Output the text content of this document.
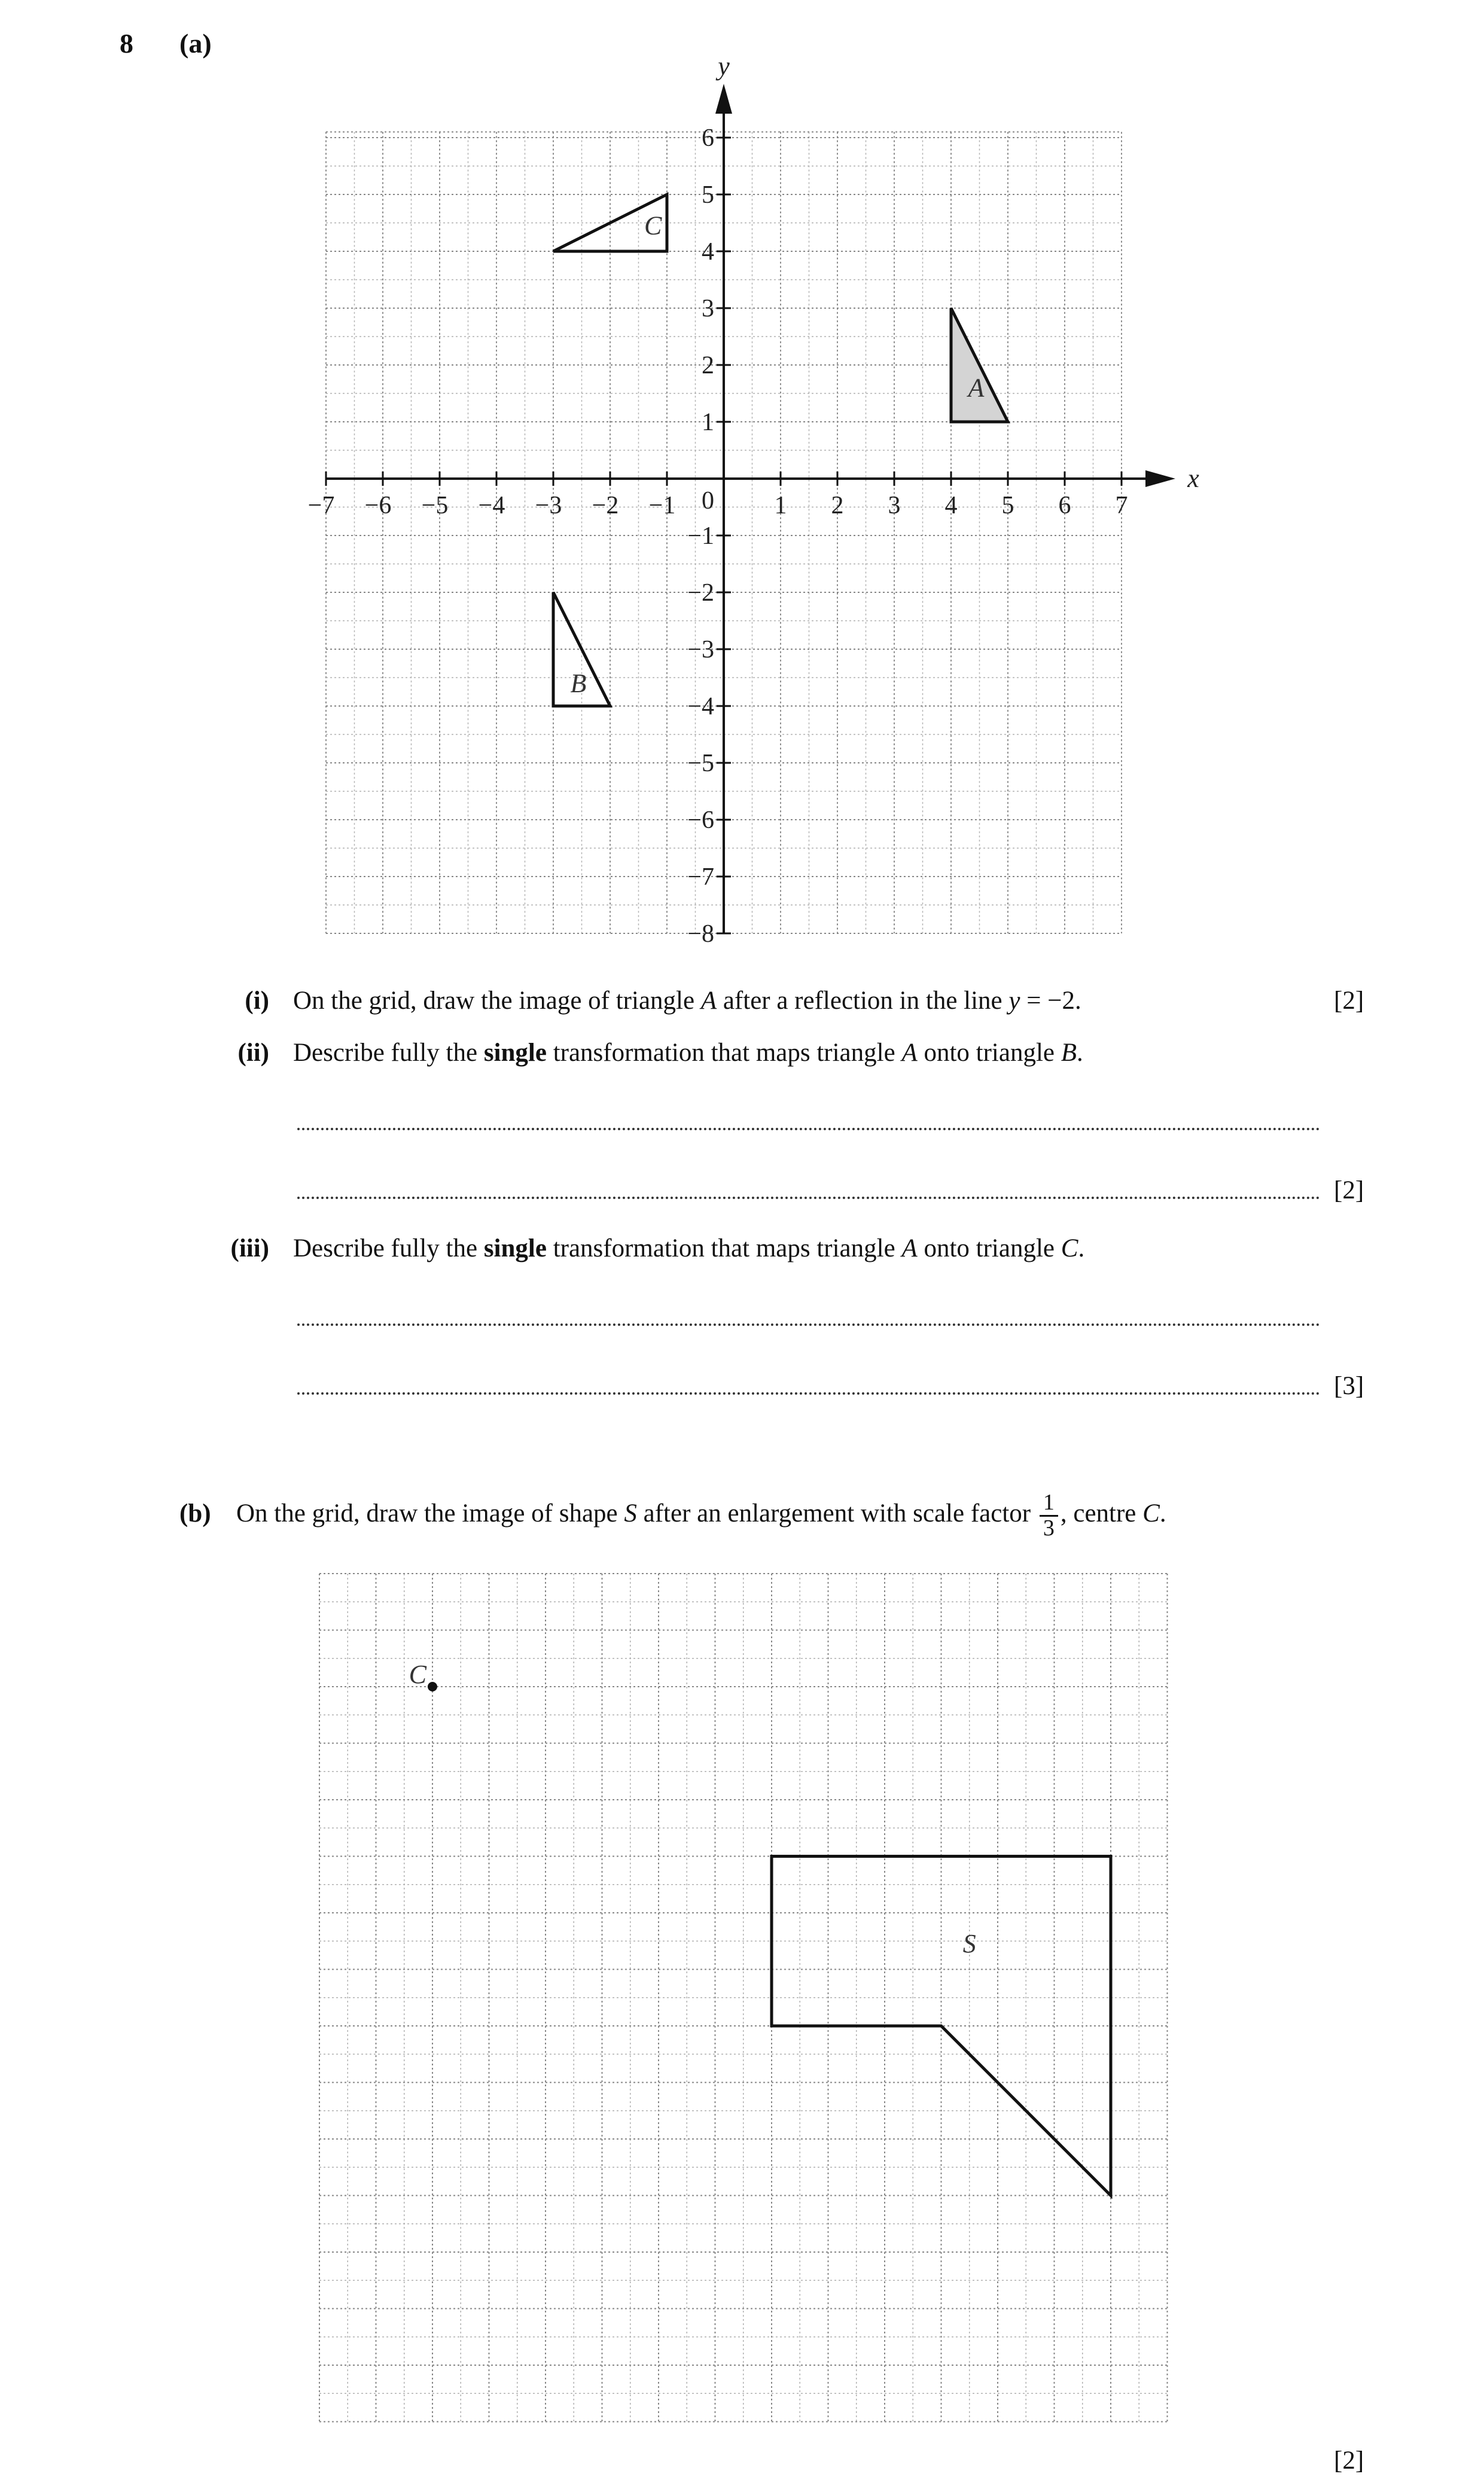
8 (a)
−7 −6 −5 −4 −3 −2 −1	1 2 3 4 5 6 7
6
5
4
3
2
1
−1
−2
−3
−4
−5
−6
−7
−8
0
x
y
A
B
C
(i) On the grid, draw the image of triangle A after a reflection in the line y = −2.	[2]
(ii) Describe fully the single transformation that maps triangle A onto triangle B.
[2]
(iii) Describe fully the single transformation that maps triangle A onto triangle C.
[3]
(b) On the grid, draw the image of shape S after an enlargement with scale factor $\frac{1}{3}$ , centre C.
S
C
[2]
